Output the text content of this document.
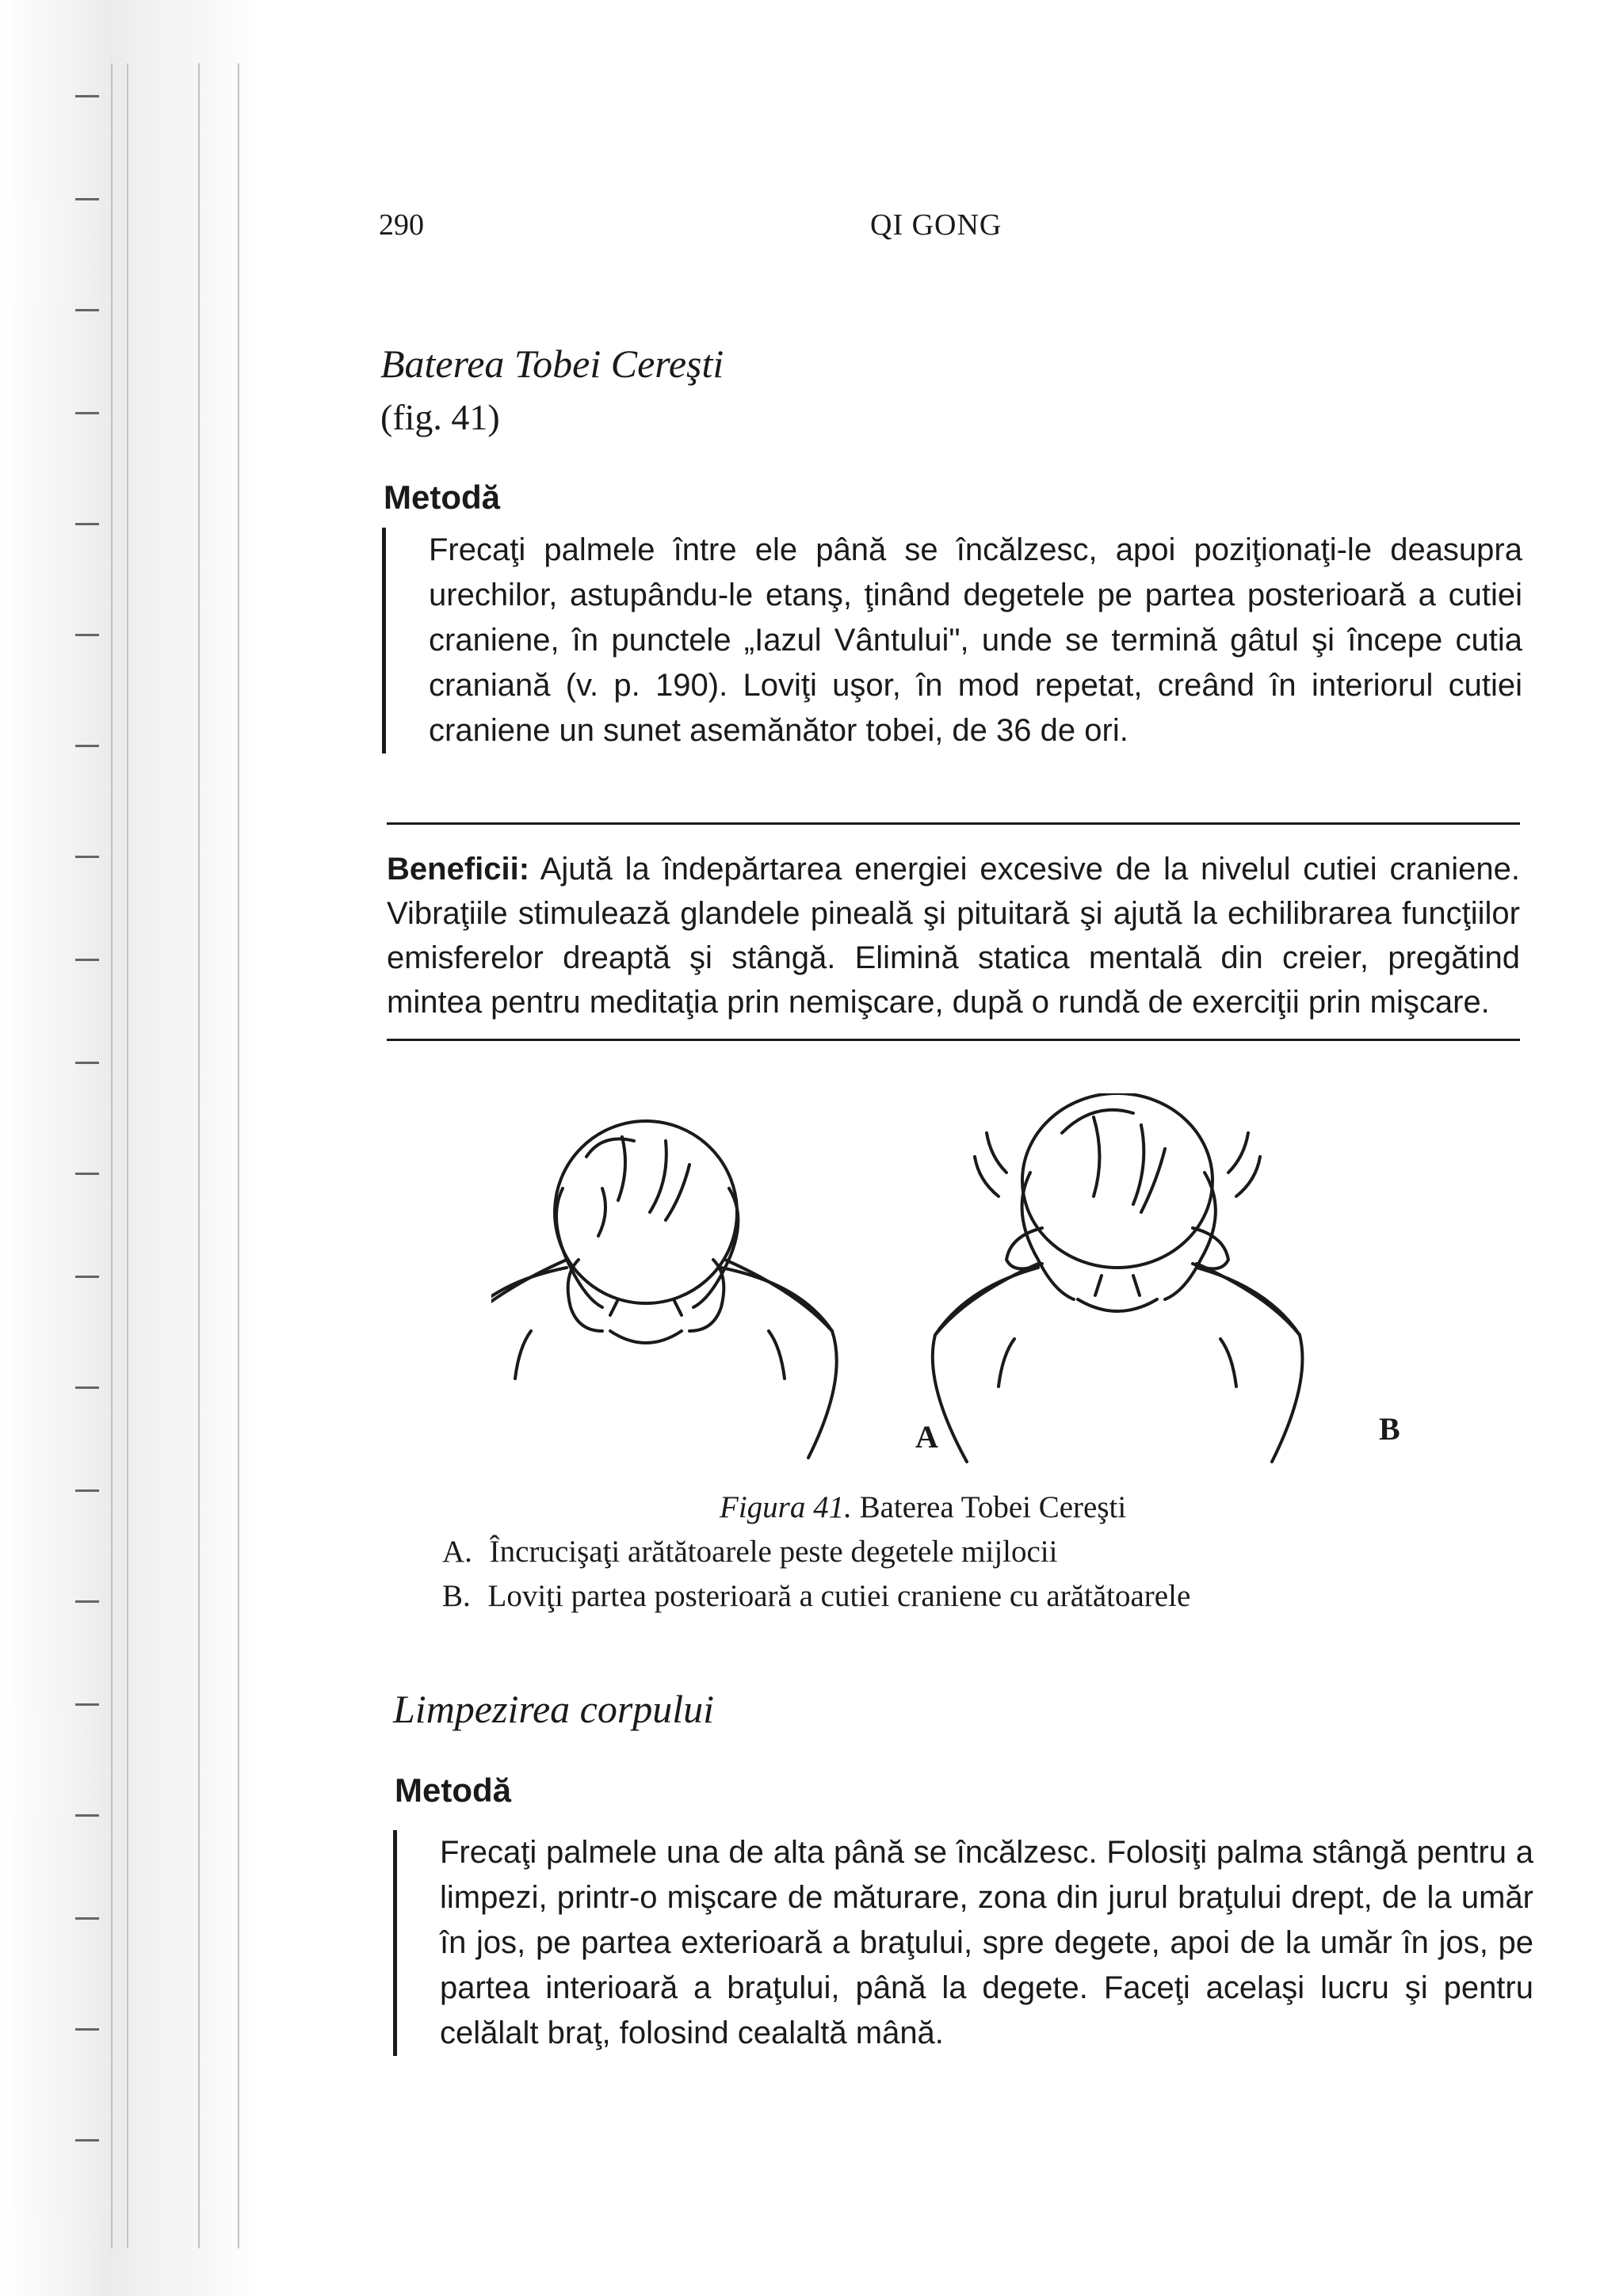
290	QI GONG
Baterea Tobei Cereşti
(fig. 41)
Metodă
Frecaţi palmele între ele până se încălzesc, apoi poziţionaţi-le deasupra urechilor, astupându-le etanş, ţinând degetele pe partea posterioară a cutiei craniene, în punctele „Iazul Vântului", unde se termină gâtul şi începe cutia craniană (v. p. 190). Loviţi uşor, în mod repetat, creând în interiorul cutiei craniene un sunet asemănător tobei, de 36 de ori.
Beneficii: Ajută la îndepărtarea energiei excesive de la nivelul cutiei craniene. Vibraţiile stimulează glandele pineală şi pituitară şi ajută la echilibrarea funcţiilor emisferelor dreaptă şi stângă. Elimină statica mentală din creier, pregătind mintea pentru meditaţia prin nemişcare, după o rundă de exerciţii prin mişcare.
A	B
Figura 41. Baterea Tobei Cereşti
A. Încrucişaţi arătătoarele peste degetele mijlocii
B. Loviţi partea posterioară a cutiei craniene cu arătătoarele
Limpezirea corpului
Metodă
Frecaţi palmele una de alta până se încălzesc. Folosiţi palma stângă pentru a limpezi, printr-o mişcare de măturare, zona din jurul braţului drept, de la umăr în jos, pe partea exterioară a braţului, spre degete, apoi de la umăr în jos, pe partea interioară a braţului, până la degete. Faceţi acelaşi lucru şi pentru celălalt braţ, folosind cealaltă mână.
